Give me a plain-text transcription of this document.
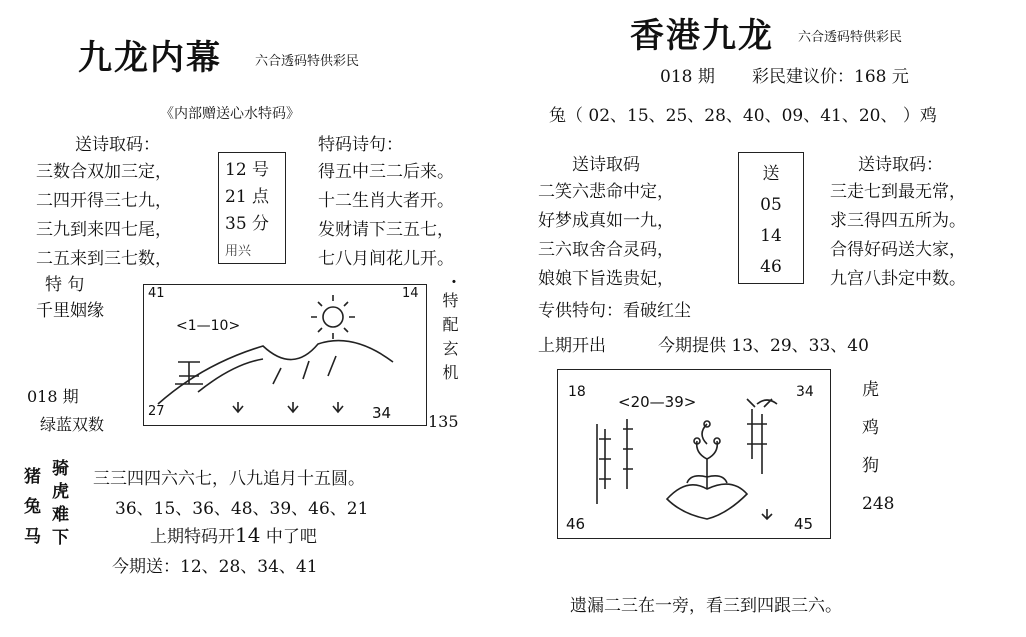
九龙内幕	六合透码特供彩民
《内部赠送心水特码》
送诗取码：
三数合双加三定，
二四开得三七九，
三九到来四七尾，
二五来到三七数，
12 号
21 点
35 分
用兴
特码诗句：
得五中三二后来。
十二生肖大者开。
发财请下三五七，
七八月间花儿开。
特 句
千里姻缘
.
41	14
27	34
<1—10>	特配玄机
018 期
绿蓝双数	135
猪
兔
马
骑
虎
难
下
三三四四六六七，八九追月十五圆。
36、15、36、48、39、46、21
上期特码开14 中了吧
今期送：12、28、34、41
香港九龙 六合透码特供彩民
018 期 彩民建议价：168 元
兔（ 02、15、25、28、40、09、41、20、 ）鸡
送诗取码
二笑六悲命中定，
好梦成真如一九，
三六取舍合灵码，
娘娘下旨选贵妃，
送
05
14
46
送诗取码：
三走七到最无常，
求三得四五所为。
合得好码送大家，
九宫八卦定中数。
专供特句：看破红尘
上期开出	今期提供 13、29、33、40
18	34
46	45
<20—39>
虎
鸡
狗
248
遗漏二三在一旁，看三到四跟三六。
